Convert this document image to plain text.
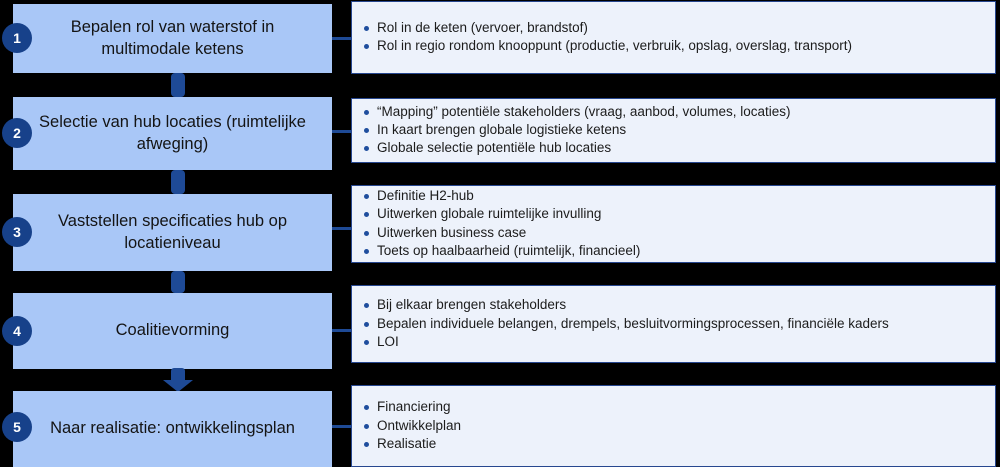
Bepalen rol van waterstof in multimodale ketens
1
Rol in de keten (vervoer, brandstof)
Rol in regio rondom knooppunt (productie, verbruik, opslag, overslag, transport)
Selectie van hub locaties (ruimtelijke afweging)
2
“Mapping” potentiële stakeholders (vraag, aanbod, volumes, locaties)
In kaart brengen globale logistieke ketens
Globale selectie potentiële hub locaties
Vaststellen specificaties hub op locatieniveau
3
Definitie H2-hub
Uitwerken globale ruimtelijke invulling
Uitwerken business case
Toets op haalbaarheid (ruimtelijk, financieel)
Coalitievorming
4
Bij elkaar brengen stakeholders
Bepalen individuele belangen, drempels, besluitvormingsprocessen, financiële kaders
LOI
Naar realisatie: ontwikkelingsplan
5
Financiering
Ontwikkelplan
Realisatie
